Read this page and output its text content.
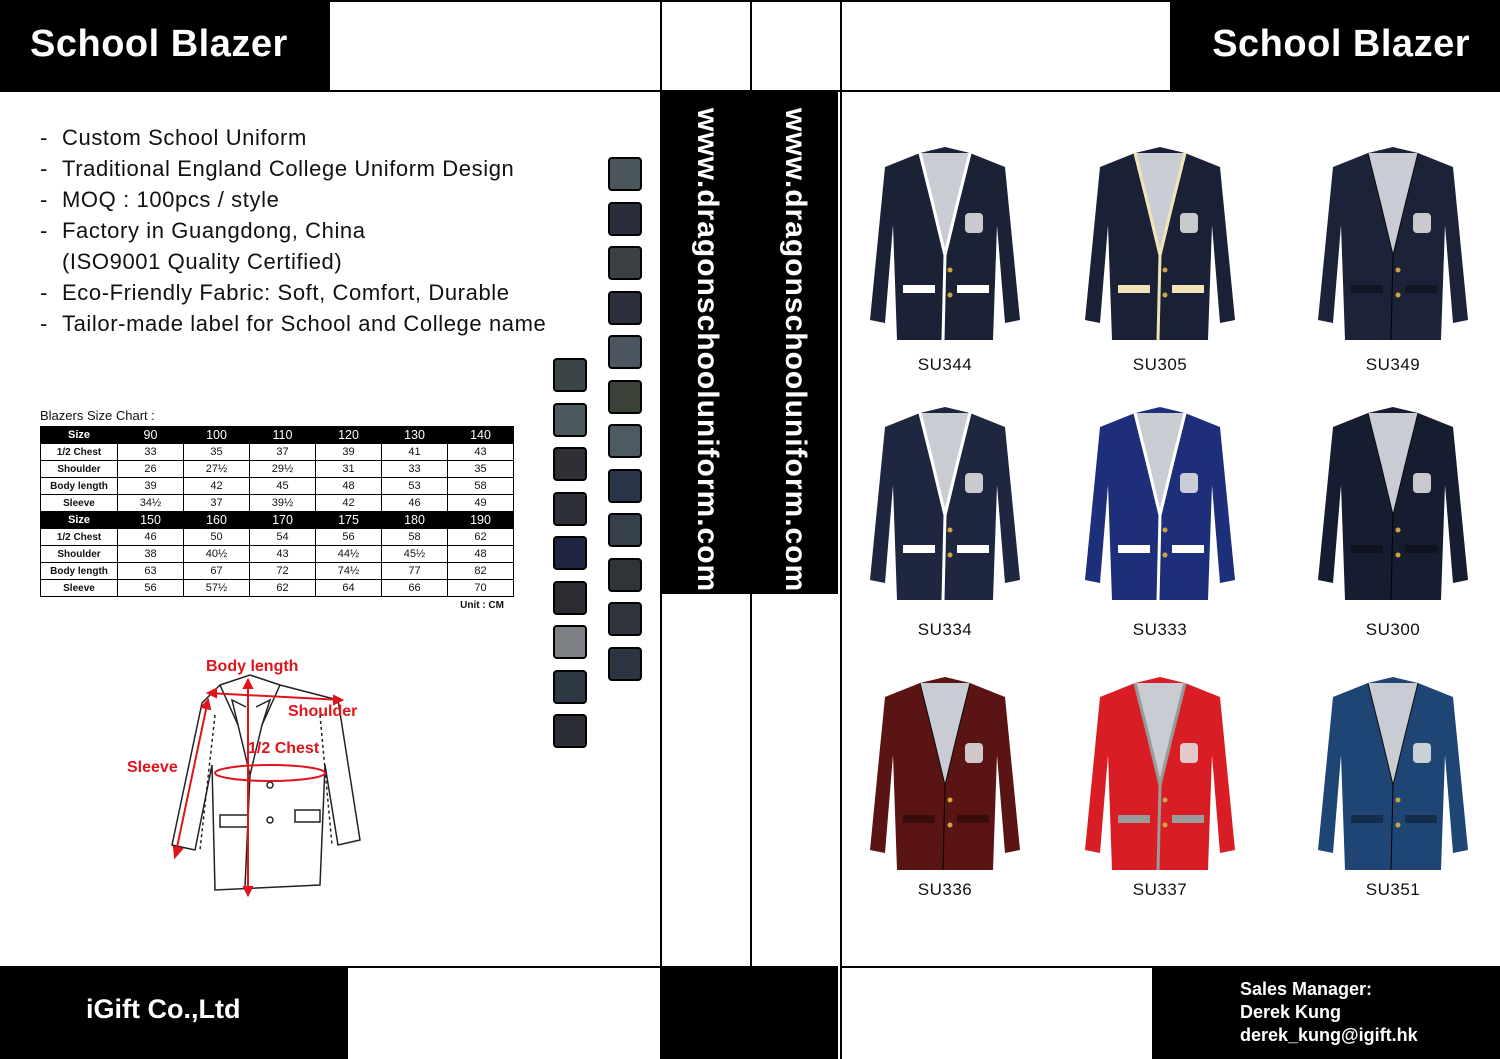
School Blazer	School Blazer
www.dragonschooluniform.com www.dragonschooluniform.com
- Custom School Uniform
- Traditional England College Uniform Design
- MOQ : 100pcs / style
- Factory in Guangdong, China
(ISO9001 Quality Certified)
- Eco-Friendly Fabric: Soft, Comfort, Durable
- Tailor-made label for School and College name
Blazers Size Chart :
Size	90	100	110	120	130	140
1/2 Chest	33	35	37	39	41	43
Shoulder	26	27½	29½	31	33	35
Body length	39	42	45	48	53	58
Sleeve	34½	37	39½	42	46	49
Size	150	160	170	175	180	190
1/2 Chest	46	50	54	56	58	62
Shoulder	38	40½	43	44½	45½	48
Body length	63	67	72	74½	77	82
Sleeve	56	57½	62	64	66	70
Unit : CM
Body length
Shoulder
1/2 Chest
Sleeve
SU344	SU305	SU349
SU334	SU333	SU300
SU336	SU337	SU351
iGift Co.,Ltd
Sales Manager:
Derek Kung
derek_kung@igift.hk
